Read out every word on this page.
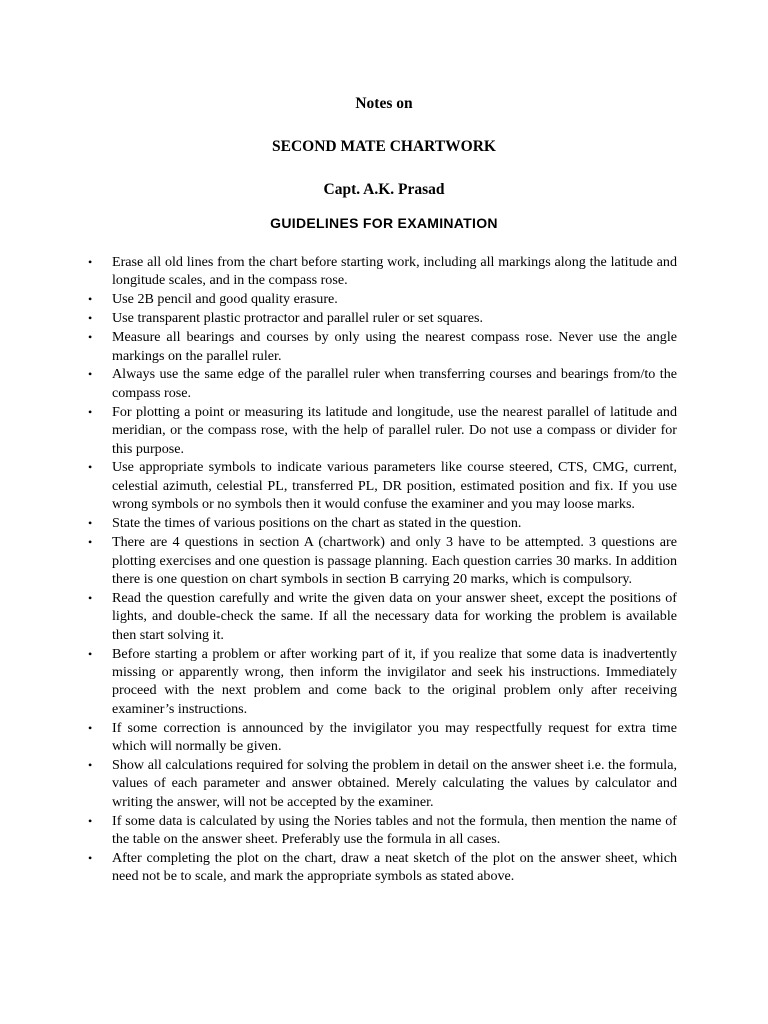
Notes on
SECOND MATE CHARTWORK
Capt. A.K. Prasad
GUIDELINES FOR EXAMINATION
•	Erase all old lines from the chart before starting work, including all markings along the latitude and longitude scales, and in the compass rose.
•	Use 2B pencil and good quality erasure.
•	Use transparent plastic protractor and parallel ruler or set squares.
•	Measure all bearings and courses by only using the nearest compass rose. Never use the angle markings on the parallel ruler.
•	Always use the same edge of the parallel ruler when transferring courses and bearings from/to the compass rose.
•	For plotting a point or measuring its latitude and longitude, use the nearest parallel of latitude and meridian, or the compass rose, with the help of parallel ruler. Do not use a compass or divider for this purpose.
•	Use appropriate symbols to indicate various parameters like course steered, CTS, CMG, current, celestial azimuth, celestial PL, transferred PL, DR position, estimated position and fix. If you use wrong symbols or no symbols then it would confuse the examiner and you may loose marks.
•	State the times of various positions on the chart as stated in the question.
•	There are 4 questions in section A (chartwork) and only 3 have to be attempted. 3 questions are plotting exercises and one question is passage planning. Each question carries 30 marks. In addition there is one question on chart symbols in section B carrying 20 marks, which is compulsory.
•	Read the question carefully and write the given data on your answer sheet, except the positions of lights, and double-check the same. If all the necessary data for working the problem is available then start solving it.
•	Before starting a problem or after working part of it, if you realize that some data is inadvertently missing or apparently wrong, then inform the invigilator and seek his instructions. Immediately proceed with the next problem and come back to the original problem only after receiving examiner’s instructions.
•	If some correction is announced by the invigilator you may respectfully request for extra time which will normally be given.
•	Show all calculations required for solving the problem in detail on the answer sheet i.e. the formula, values of each parameter and answer obtained. Merely calculating the values by calculator and writing the answer, will not be accepted by the examiner.
•	If some data is calculated by using the Nories tables and not the formula, then mention the name of the table on the answer sheet. Preferably use the formula in all cases.
•	After completing the plot on the chart, draw a neat sketch of the plot on the answer sheet, which need not be to scale, and mark the appropriate symbols as stated above.
